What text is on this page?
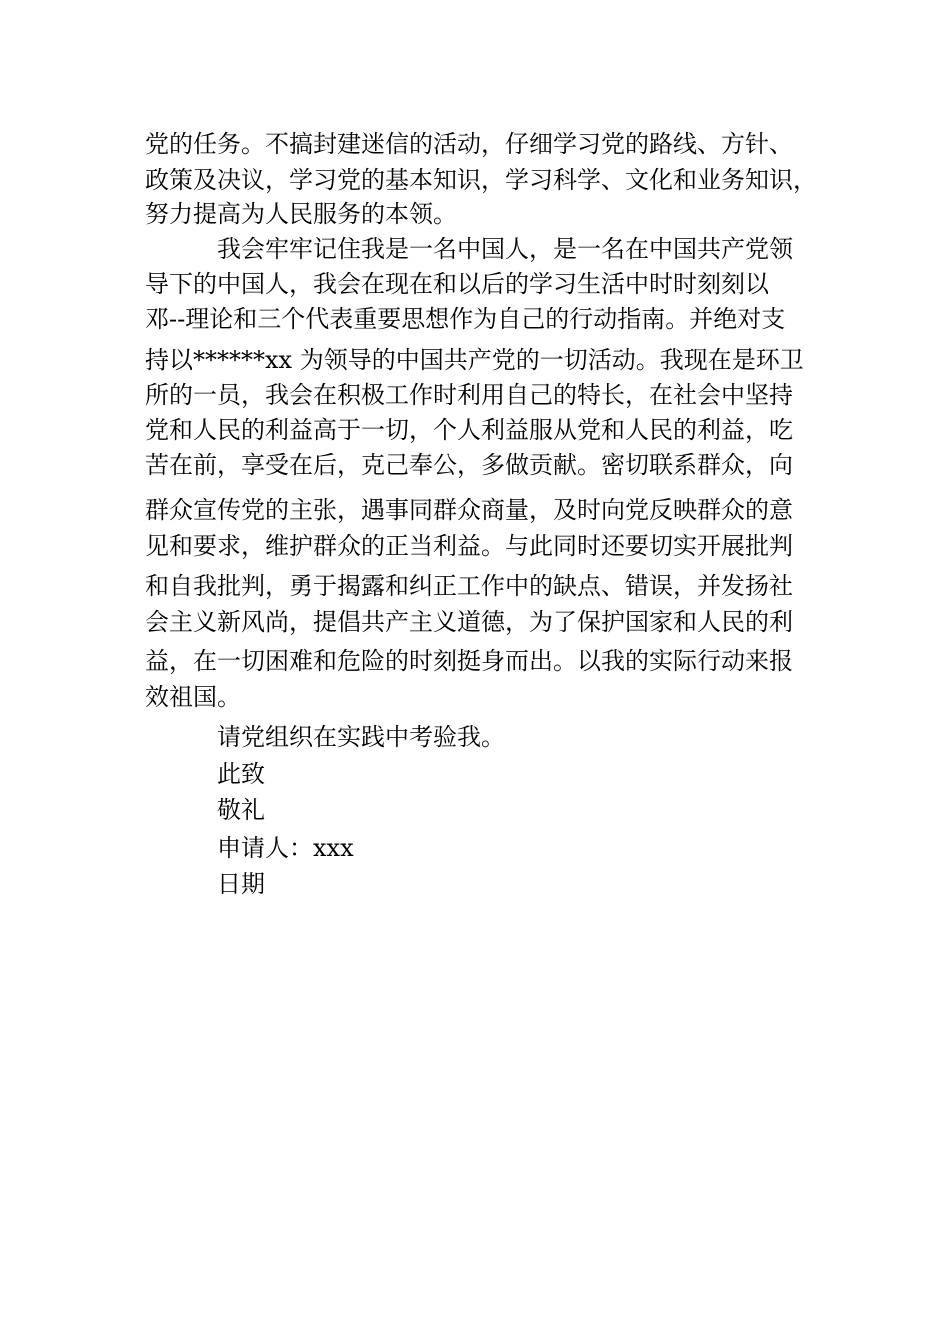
党的任务。不搞封建迷信的活动，仔细学习党的路线、方针、
政策及决议，学习党的基本知识，学习科学、文化和业务知识，
努力提高为人民服务的本领。
我会牢牢记住我是一名中国人，是一名在中国共产党领
导下的中国人，我会在现在和以后的学习生活中时时刻刻以
邓--理论和三个代表重要思想作为自己的行动指南。并绝对支
持以******xx 为领导的中国共产党的一切活动。我现在是环卫
所的一员，我会在积极工作时利用自己的特长，在社会中坚持
党和人民的利益高于一切，个人利益服从党和人民的利益，吃
苦在前，享受在后，克己奉公，多做贡献。密切联系群众，向
群众宣传党的主张，遇事同群众商量，及时向党反映群众的意
见和要求，维护群众的正当利益。与此同时还要切实开展批判
和自我批判，勇于揭露和纠正工作中的缺点、错误，并发扬社
会主义新风尚，提倡共产主义道德，为了保护国家和人民的利
益，在一切困难和危险的时刻挺身而出。以我的实际行动来报
效祖国。
请党组织在实践中考验我。
此致
敬礼
申请人：xxx
日期
